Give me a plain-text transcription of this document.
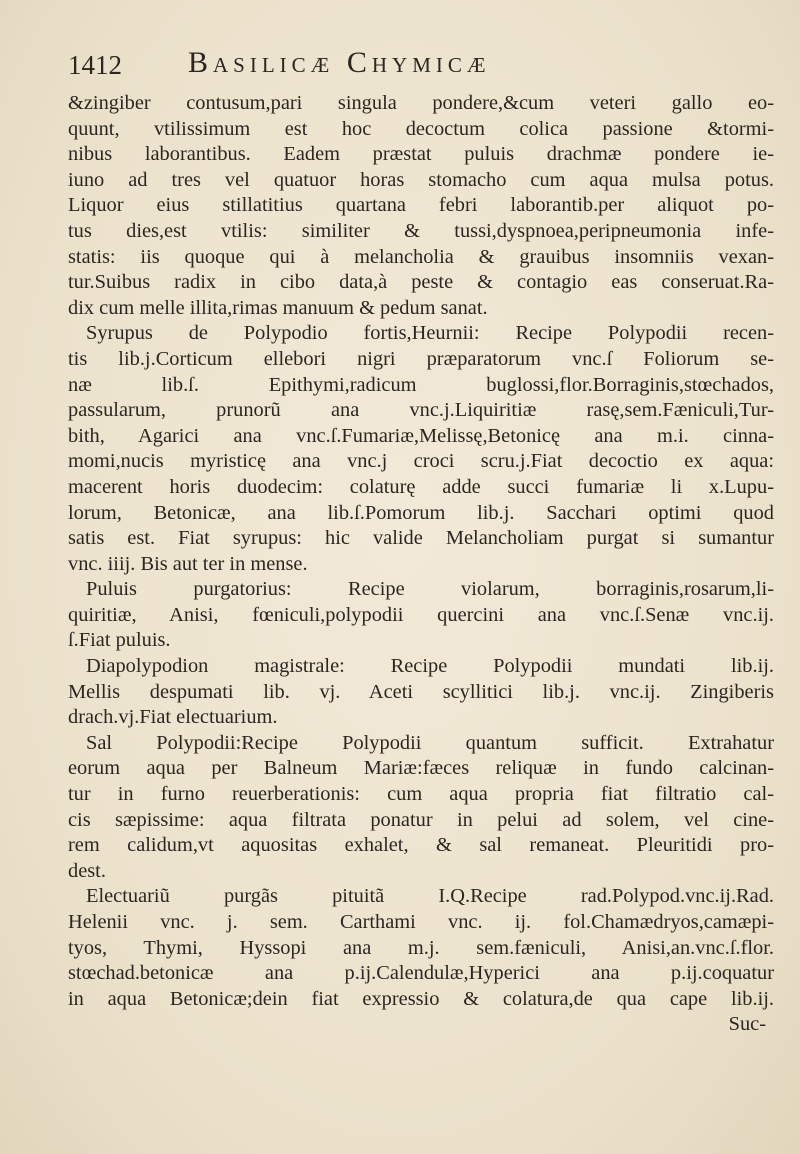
1412 Basilicæ Chymicæ
&zingiber contusum,pari singula pondere,&cum veteri gallo eo-
quunt, vtilissimum est hoc decoctum colica passione &tormi-
nibus laborantibus. Eadem præstat puluis drachmæ pondere ie-
iuno ad tres vel quatuor horas stomacho cum aqua mulsa potus.
Liquor eius stillatitius quartana febri laborantib.per aliquot po-
tus dies,est vtilis: similiter & tussi,dyspnoea,peripneumonia infe-
statis: iis quoque qui à melancholia & grauibus insomniis vexan-
tur.Suibus radix in cibo data,à peste & contagio eas conseruat.Ra-
dix cum melle illita,rimas manuum & pedum sanat.
Syrupus de Polypodio fortis,Heurnii: Recipe Polypodii recen-
tis lib.j.Corticum ellebori nigri præparatorum vnc.ſ Foliorum se-
næ lib.ſ. Epithymi,radicum buglossi,flor.Borraginis,stœchados,
passularum, prunorũ ana vnc.j.Liquiritiæ rasę,sem.Fæniculi,Tur-
bith, Agarici ana vnc.ſ.Fumariæ,Melissę,Betonicę ana m.i. cinna-
momi,nucis myristicę ana vnc.j croci scru.j.Fiat decoctio ex aqua:
macerent horis duodecim: colaturę adde succi fumariæ li x.Lupu-
lorum, Betonicæ, ana lib.ſ.Pomorum lib.j. Sacchari optimi quod
satis est. Fiat syrupus: hic valide Melancholiam purgat si sumantur
vnc. iiij. Bis aut ter in mense.
Puluis purgatorius: Recipe violarum, borraginis,rosarum,li-
quiritiæ, Anisi, fœniculi,polypodii quercini ana vnc.ſ.Senæ vnc.ij.
ſ.Fiat puluis.
Diapolypodion magistrale: Recipe Polypodii mundati lib.ij.
Mellis despumati lib. vj. Aceti scyllitici lib.j. vnc.ij. Zingiberis
drach.vj.Fiat electuarium.
Sal Polypodii:Recipe Polypodii quantum sufficit. Extrahatur
eorum aqua per Balneum Mariæ:fæces reliquæ in fundo calcinan-
tur in furno reuerberationis: cum aqua propria fiat filtratio cal-
cis sæpissime: aqua filtrata ponatur in pelui ad solem, vel cine-
rem calidum,vt aquositas exhalet, & sal remaneat. Pleuritidi pro-
dest.
Electuariũ purgãs pituitã I.Q.Recipe rad.Polypod.vnc.ij.Rad.
Helenii vnc. j. sem. Carthami vnc. ij. fol.Chamædryos,camæpi-
tyos, Thymi, Hyssopi ana m.j. sem.fæniculi, Anisi,an.vnc.ſ.flor.
stœchad.betonicæ ana p.ij.Calendulæ,Hyperici ana p.ij.coquatur
in aqua Betonicæ;dein fiat expressio & colatura,de qua cape lib.ij.
Suc-
